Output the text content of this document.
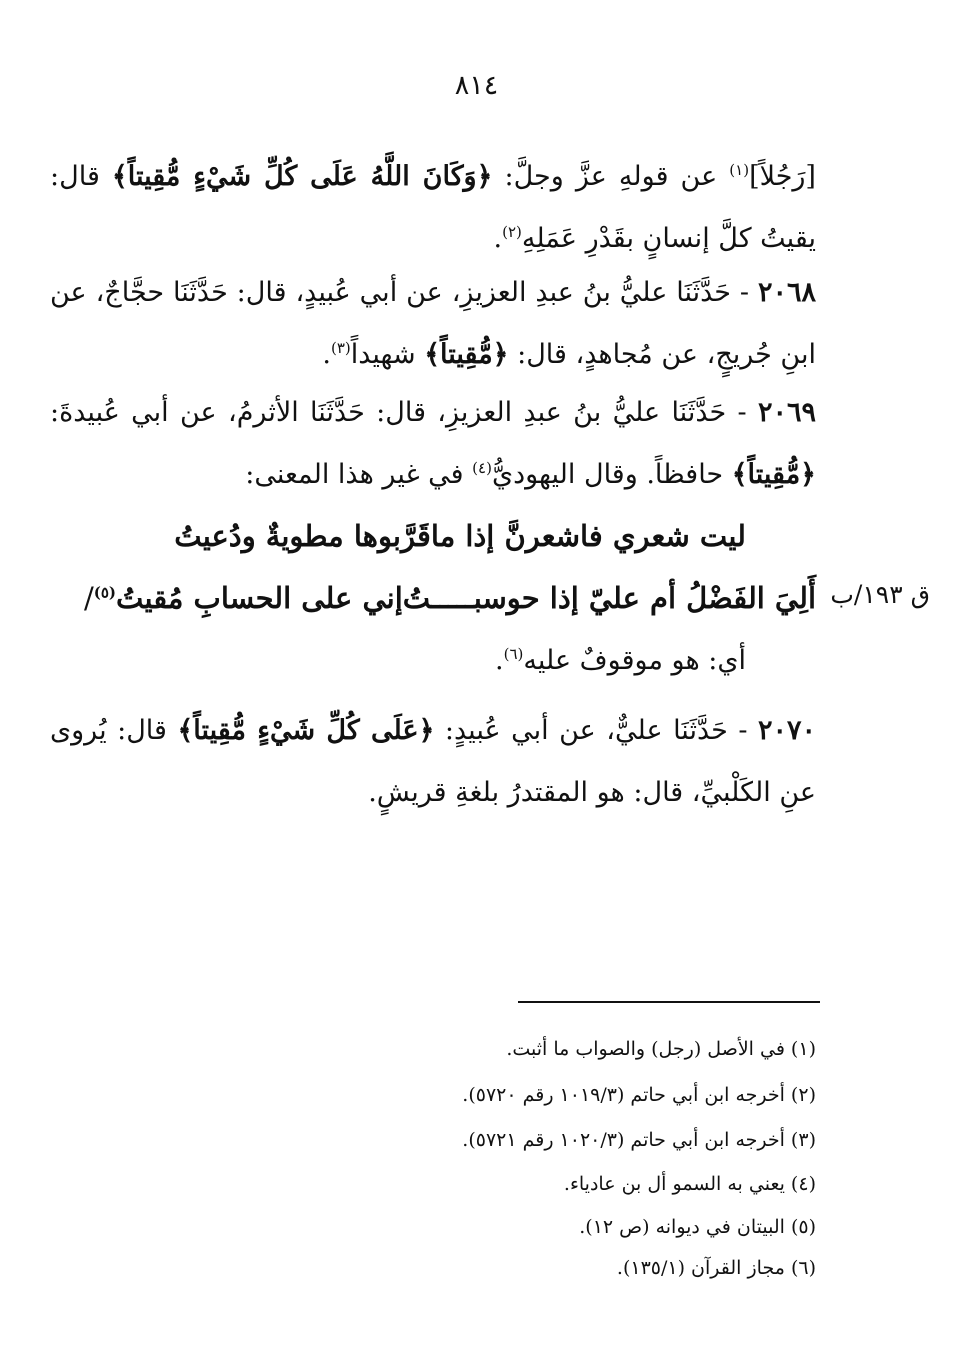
٨١٤
ق ١٩٣/ب
[رَجُلاً]$^{(١)}$ عن قولهِ عزَّ وجلَّ: ﴿وَكَانَ اللَّهُ عَلَى كُلِّ شَيْءٍ مُّقِيتاً﴾ قال: يقيتُ كلَّ إنسانٍ بقَدْرِ عَمَلِهِ$^{(٢)}$.
٢٠٦٨ - حَدَّثَنَا عليُّ بنُ عبدِ العزيزِ، عن أبي عُبيدٍ، قال: حَدَّثَنَا حجَّاجٌ، عن ابنِ جُريجٍ، عن مُجاهدٍ، قال: ﴿مُّقِيتاً﴾ شهيداً$^{(٣)}$.
٢٠٦٩ - حَدَّثَنَا عليُّ بنُ عبدِ العزيزِ، قال: حَدَّثَنَا الأثرمُ، عن أبي عُبيدةَ: ﴿مُّقِيتاً﴾ حافظاً. وقال اليهوديُّ$^{(٤)}$ في غير هذا المعنى:
ليت شعري فاشعرنَّ إذا ما
قَرَّبوها مطويةٌ ودُعيتُ
أَلِيَ الفَضْلُ أم عليّ إذا حوسبـــــتُ
إني على الحسابِ مُقيتُ$^{(٥)}$/
أي: هو موقوفٌ عليه$^{(٦)}$.
٢٠٧٠ - حَدَّثَنَا عليٌّ، عن أبي عُبيدٍ: ﴿عَلَى كُلِّ شَيْءٍ مُّقِيتاً﴾ قال: يُروى عنِ الكَلْبيِّ، قال: هو المقتدرُ بلغةِ قريشٍ.
(١) في الأصل (رجل) والصواب ما أثبت.
(٢) أخرجه ابن أبي حاتم (١٠١٩/٣ رقم ٥٧٢٠).
(٣) أخرجه ابن أبي حاتم (١٠٢٠/٣ رقم ٥٧٢١).
(٤) يعني به السمو أل بن عادياء.
(٥) البيتان في ديوانه (ص ١٢).
(٦) مجاز القرآن (١٣٥/١).
